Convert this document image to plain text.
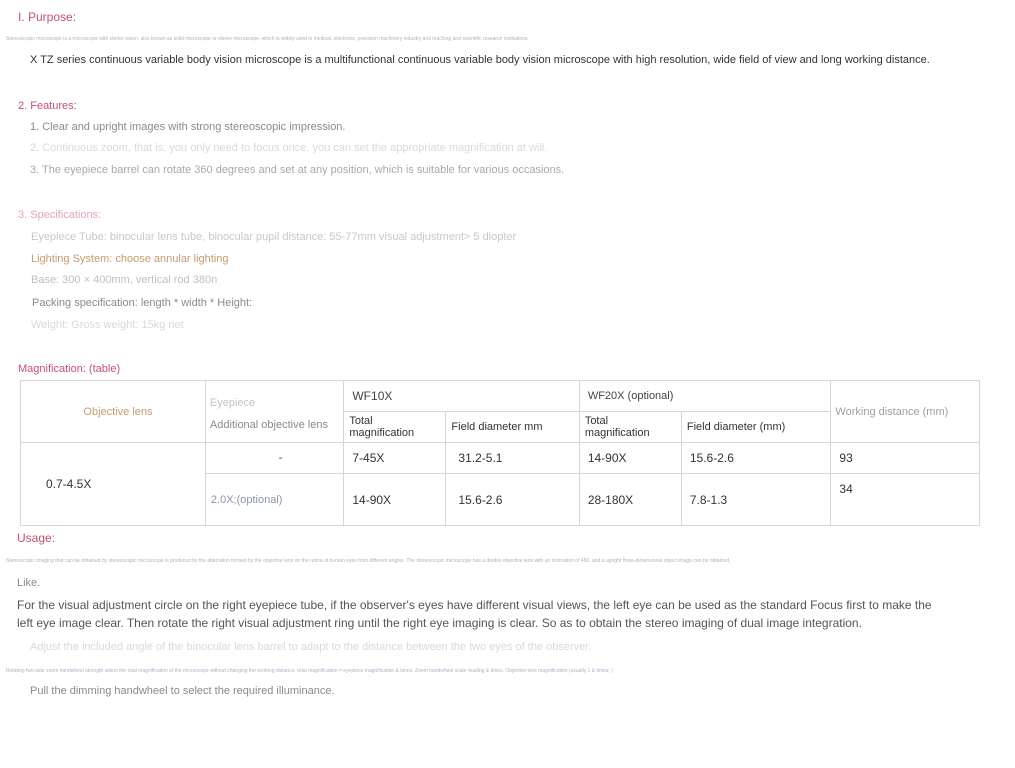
I. Purpose:
Stereoscopic microscope is a microscope with stereo vision, also known as solid microscope or stereo microscope, which is widely used in medical, electronic, precision machinery industry and teaching and scientific research institutions.
X TZ series continuous variable body vision microscope is a multifunctional continuous variable body vision microscope with high resolution, wide field of view and long working distance.
2. Features:
1. Clear and upright images with strong stereoscopic impression.
2. Continuous zoom, that is, you only need to focus once, you can set the appropriate magnification at will.
3. The eyepiece barrel can rotate 360 degrees and set at any position, which is suitable for various occasions.
3. Specifications:
Eyepiece Tube: binocular lens tube, binocular pupil distance: 55-77mm visual adjustment> 5 diopter
Lighting System: choose annular lighting
Base: 300 × 400mm, vertical rod 380n
Packing specification: length * width * Height:
Weight: Gross weight: 15kg net
Magnification: (table)
Objective lens	Eyepiece
Additional objective lens	WF10X		WF20X (optional)		Working distance (mm)
		Total magnification	Field diameter mm	Total magnification	Field diameter (mm)	
0.7-4.5X	-	7-45X	31.2-5.1	14-90X	15.6-2.6	93
	2.0X;(optional)	14-90X	15.6-2.6	28-180X	7.8-1.3	34
Usage:
Stereoscopic imaging that can be obtained by stereoscopic microscope is produced by the aberration formed by the objective lens on the retina of human eyes from different angles. The stereoscopic microscope has a double objective lens with an inclination of 450, and a upright three-dimensional object image can be obtained.
Like.
For the visual adjustment circle on the right eyepiece tube, if the observer's eyes have different visual views, the left eye can be used as the standard Focus first to make the
left eye image clear. Then rotate the right visual adjustment ring until the right eye imaging is clear. So as to obtain the stereo imaging of dual image integration.
Adjust the included angle of the binocular lens barrel to adapt to the distance between the two eyes of the observer.
Rotating two-side zoom handwheel strength select the total magnification of the microscope without changing the working distance. total magnification = eyepiece magnification & times. Zoom handwheel scale reading & times. Objective lens magnification (usually 1 & times; )
Pull the dimming handwheel to select the required illuminance.
